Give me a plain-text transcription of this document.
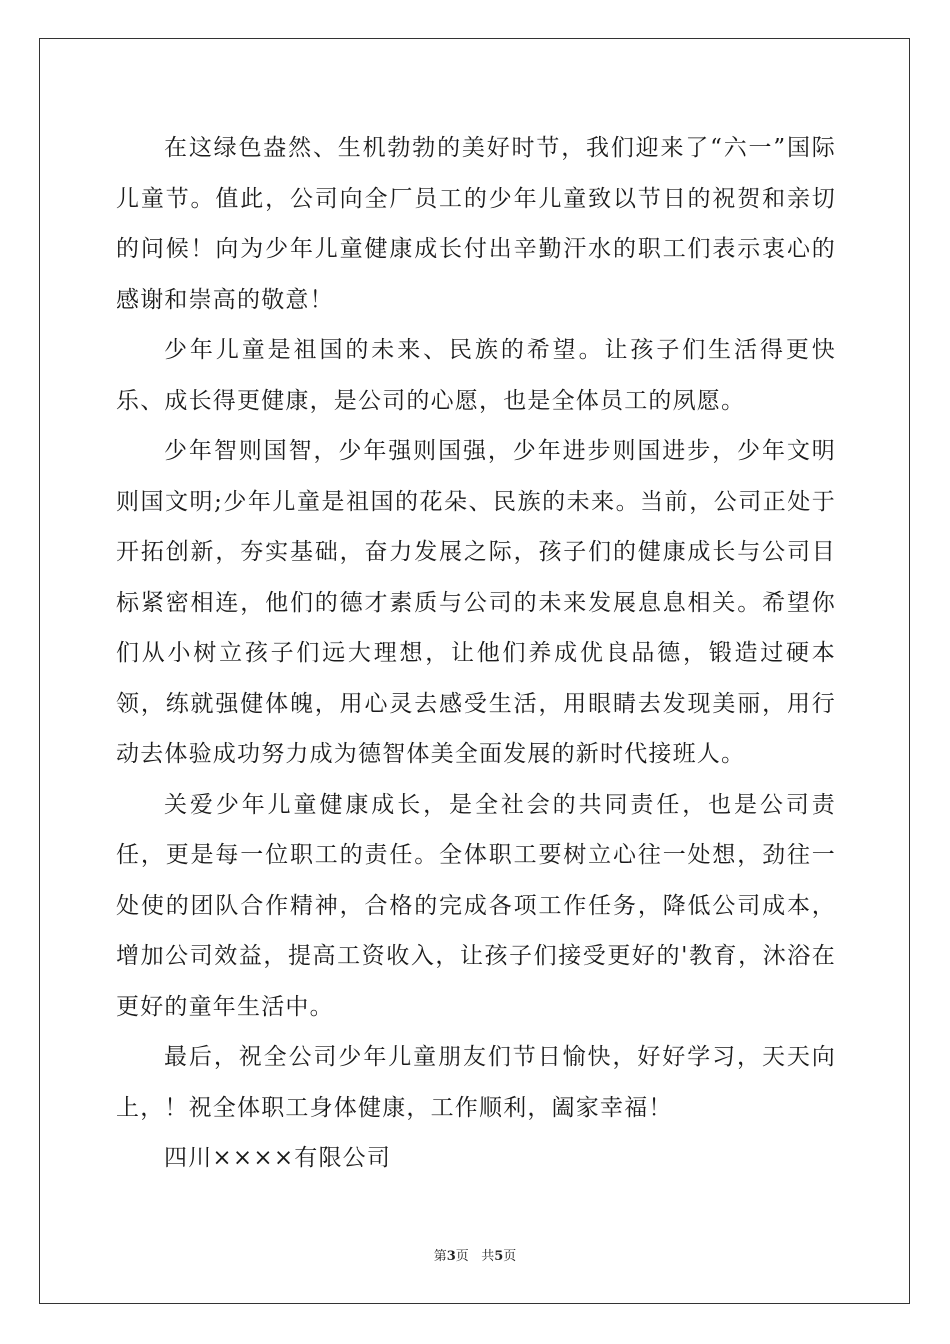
在这绿色盎然、生机勃勃的美好时节，我们迎来了“六一”国际儿童节。值此，公司向全厂员工的少年儿童致以节日的祝贺和亲切的问候！向为少年儿童健康成长付出辛勤汗水的职工们表示衷心的感谢和崇高的敬意！

少年儿童是祖国的未来、民族的希望。让孩子们生活得更快乐、成长得更健康，是公司的心愿，也是全体员工的夙愿。

少年智则国智，少年强则国强，少年进步则国进步，少年文明则国文明;少年儿童是祖国的花朵、民族的未来。当前，公司正处于开拓创新，夯实基础，奋力发展之际，孩子们的健康成长与公司目标紧密相连，他们的德才素质与公司的未来发展息息相关。希望你们从小树立孩子们远大理想，让他们养成优良品德，锻造过硬本领，练就强健体魄，用心灵去感受生活，用眼睛去发现美丽，用行动去体验成功努力成为德智体美全面发展的新时代接班人。

关爱少年儿童健康成长，是全社会的共同责任，也是公司责任，更是每一位职工的责任。全体职工要树立心往一处想，劲往一处使的团队合作精神，合格的完成各项工作任务，降低公司成本，增加公司效益，提高工资收入，让孩子们接受更好的'教育，沐浴在更好的童年生活中。

最后，祝全公司少年儿童朋友们节日愉快，好好学习，天天向上，！祝全体职工身体健康，工作顺利，阖家幸福！

四川××××有限公司

第3页 共5页
